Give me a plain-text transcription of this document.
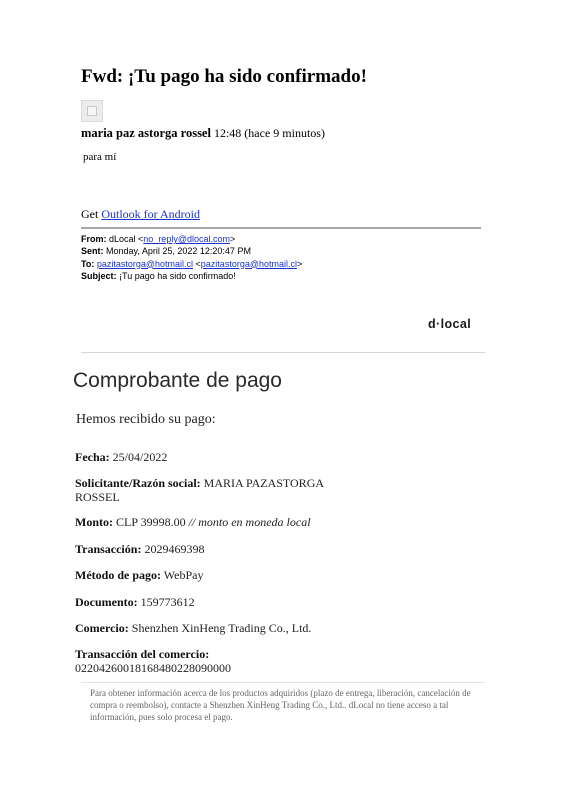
Fwd: ¡Tu pago ha sido confirmado!
maria paz astorga rossel 12:48 (hace 9 minutos)
para mí
Get Outlook for Android
From: dLocal <no_reply@dlocal.com>
Sent: Monday, April 25, 2022 12:20:47 PM
To: pazitastorga@hotmail.cl <pazitastorga@hotmail.cl>
Subject: ¡Tu pago ha sido confirmado!
d·local
Comprobante de pago
Hemos recibido su pago:
Fecha: 25/04/2022
Solicitante/Razón social: MARIA PAZASTORGA
ROSSEL
Monto: CLP 39998.00 // monto en moneda local
Transacción: 2029469398
Método de pago: WebPay
Documento: 159773612
Comercio: Shenzhen XinHeng Trading Co., Ltd.
Transacción del comercio:
02204260018168480228090000
Para obtener información acerca de los productos adquiridos (plazo de entrega, liberación, cancelación de compra o reembolso), contacte a Shenzhen XinHeng Trading Co., Ltd.. dLocal no tiene acceso a tal información, pues solo procesa el pago.
